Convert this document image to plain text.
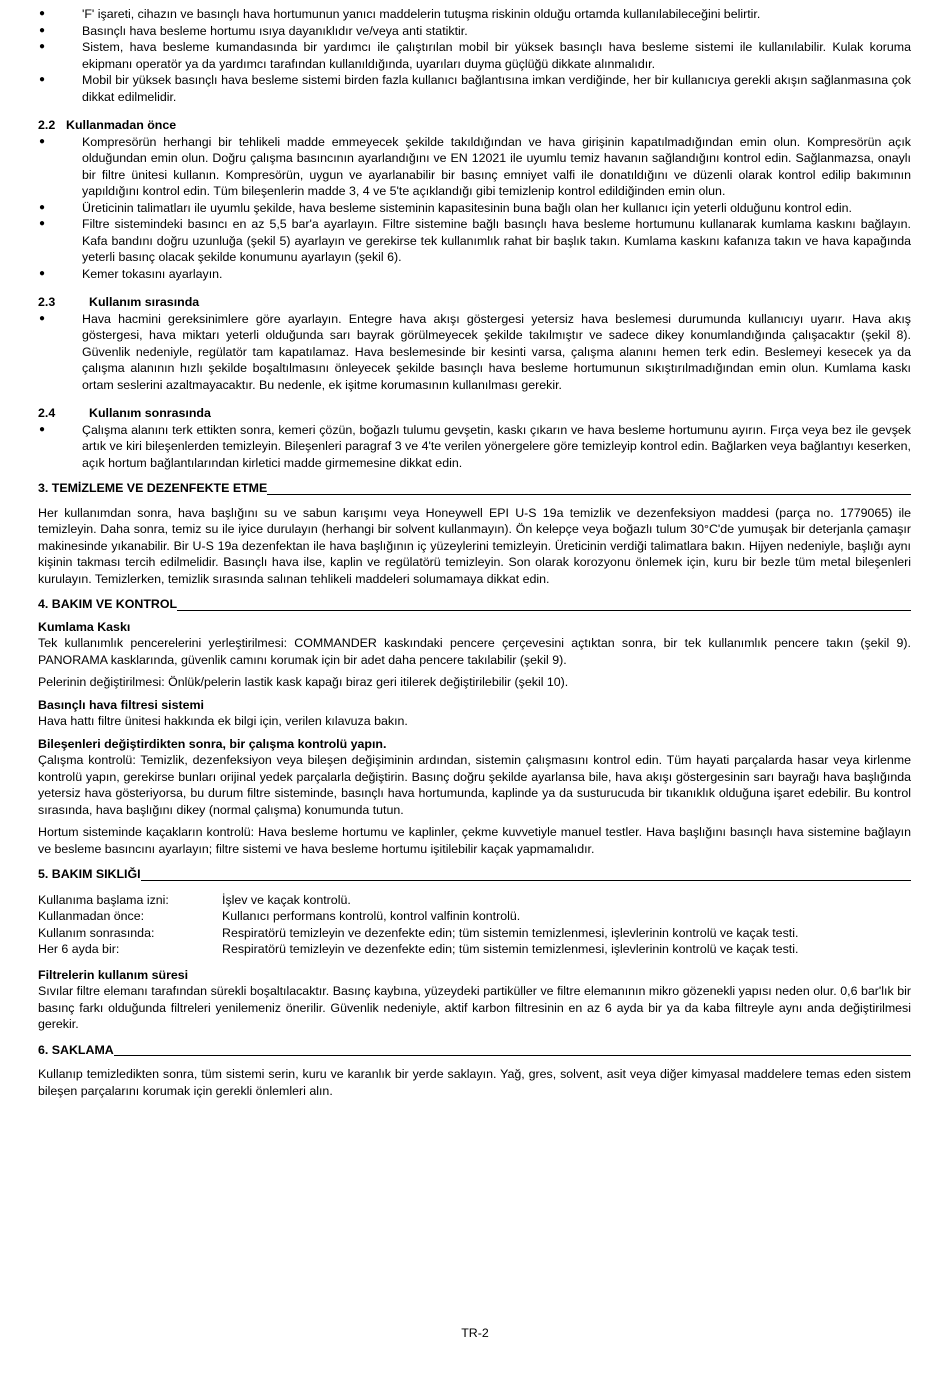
●	'F' işareti, cihazın ve basınçlı hava hortumunun yanıcı maddelerin tutuşma riskinin olduğu ortamda kullanılabileceğini belirtir.
●	Basınçlı hava besleme hortumu ısıya dayanıklıdır ve/veya anti statiktir.
●	Sistem, hava besleme kumandasında bir yardımcı ile çalıştırılan mobil bir yüksek basınçlı hava besleme sistemi ile kullanılabilir. Kulak koruma ekipmanı operatör ya da yardımcı tarafından kullanıldığında, uyarıları duyma güçlüğü dikkate alınmalıdır.
●	Mobil bir yüksek basınçlı hava besleme sistemi birden fazla kullanıcı bağlantısına imkan verdiğinde, her bir kullanıcıya gerekli akışın sağlanmasına çok dikkat edilmelidir.
2.2 Kullanmadan önce
●	Kompresörün herhangi bir tehlikeli madde emmeyecek şekilde takıldığından ve hava girişinin kapatılmadığından emin olun. Kompresörün açık olduğundan emin olun. Doğru çalışma basıncının ayarlandığını ve EN 12021 ile uyumlu temiz havanın sağlandığını kontrol edin. Sağlanmazsa, onaylı bir filtre ünitesi kullanın. Kompresörün, uygun ve ayarlanabilir bir basınç emniyet valfi ile donatıldığını ve düzenli olarak kontrol edilip bakımının yapıldığını kontrol edin. Tüm bileşenlerin madde 3, 4 ve 5'te açıklandığı gibi temizlenip kontrol edildiğinden emin olun.
●	Üreticinin talimatları ile uyumlu şekilde, hava besleme sisteminin kapasitesinin buna bağlı olan her kullanıcı için yeterli olduğunu kontrol edin.
●	Filtre sistemindeki basıncı en az 5,5 bar'a ayarlayın. Filtre sistemine bağlı basınçlı hava besleme hortumunu kullanarak kumlama kaskını bağlayın. Kafa bandını doğru uzunluğa (şekil 5) ayarlayın ve gerekirse tek kullanımlık rahat bir başlık takın. Kumlama kaskını kafanıza takın ve hava kapağında yeterli basınç olacak şekilde konumunu ayarlayın (şekil 6).
●	Kemer tokasını ayarlayın.
2.3	Kullanım sırasında
●	Hava hacmini gereksinimlere göre ayarlayın. Entegre hava akışı göstergesi yetersiz hava beslemesi durumunda kullanıcıyı uyarır. Hava akış göstergesi, hava miktarı yeterli olduğunda sarı bayrak görülmeyecek şekilde takılmıştır ve sadece dikey konumlandığında çalışacaktır (şekil 8). Güvenlik nedeniyle, regülatör tam kapatılamaz. Hava beslemesinde bir kesinti varsa, çalışma alanını hemen terk edin. Beslemeyi kesecek ya da çalışma alanının hızlı şekilde boşaltılmasını önleyecek şekilde basınçlı hava besleme hortumunun sıkıştırılmadığından emin olun. Kumlama kaskı ortam seslerini azaltmayacaktır. Bu nedenle, ek işitme korumasının kullanılması gerekir.
2.4	Kullanım sonrasında
●	Çalışma alanını terk ettikten sonra, kemeri çözün, boğazlı tulumu gevşetin, kaskı çıkarın ve hava besleme hortumunu ayırın. Fırça veya bez ile gevşek artık ve kiri bileşenlerden temizleyin. Bileşenleri paragraf 3 ve 4'te verilen yönergelere göre temizleyip kontrol edin. Bağlarken veya bağlantıyı keserken, açık hortum bağlantılarından kirletici madde girmemesine dikkat edin.
3. TEMİZLEME VE DEZENFEKTE ETME
Her kullanımdan sonra, hava başlığını su ve sabun karışımı veya Honeywell EPI U-S 19a temizlik ve dezenfeksiyon maddesi (parça no. 1779065) ile temizleyin. Daha sonra, temiz su ile iyice durulayın (herhangi bir solvent kullanmayın). Ön kelepçe veya boğazlı tulum 30°C'de yumuşak bir deterjanla çamaşır makinesinde yıkanabilir. Bir U-S 19a dezenfektan ile hava başlığının iç yüzeylerini temizleyin. Üreticinin verdiği talimatlara bakın. Hijyen nedeniyle, başlığı aynı kişinin takması tercih edilmelidir. Basınçlı hava ilse, kaplin ve regülatörü temizleyin. Son olarak korozyonu önlemek için, kuru bir bezle tüm metal bileşenleri kurulayın. Temizlerken, temizlik sırasında salınan tehlikeli maddeleri solumamaya dikkat edin.
4. BAKIM VE KONTROL
Kumlama Kaskı
Tek kullanımlık pencerelerini yerleştirilmesi: COMMANDER kaskındaki pencere çerçevesini açtıktan sonra, bir tek kullanımlık pencere takın (şekil 9). PANORAMA kasklarında, güvenlik camını korumak için bir adet daha pencere takılabilir (şekil 9).
Pelerinin değiştirilmesi: Önlük/pelerin lastik kask kapağı biraz geri itilerek değiştirilebilir (şekil 10).
Basınçlı hava filtresi sistemi
Hava hattı filtre ünitesi hakkında ek bilgi için, verilen kılavuza bakın.
Bileşenleri değiştirdikten sonra, bir çalışma kontrolü yapın.
Çalışma kontrolü: Temizlik, dezenfeksiyon veya bileşen değişiminin ardından, sistemin çalışmasını kontrol edin. Tüm hayati parçalarda hasar veya kirlenme kontrolü yapın, gerekirse bunları orijinal yedek parçalarla değiştirin. Basınç doğru şekilde ayarlansa bile, hava akışı göstergesinin sarı bayrağı hava başlığında yetersiz hava gösteriyorsa, bu durum filtre sisteminde, basınçlı hava hortumunda, kaplinde ya da susturucuda bir tıkanıklık olduğuna işaret edebilir. Bu kontrol sırasında, hava başlığını dikey (normal çalışma) konumunda tutun.
Hortum sisteminde kaçakların kontrolü: Hava besleme hortumu ve kaplinler, çekme kuvvetiyle manuel testler. Hava başlığını basınçlı hava sistemine bağlayın ve besleme basıncını ayarlayın; filtre sistemi ve hava besleme hortumu işitilebilir kaçak yapmamalıdır.
5. BAKIM SIKLIĞI
Kullanıma başlama izni:	İşlev ve kaçak kontrolü.
Kullanmadan önce:	Kullanıcı performans kontrolü, kontrol valfinin kontrolü.
Kullanım sonrasında:	Respiratörü temizleyin ve dezenfekte edin; tüm sistemin temizlenmesi, işlevlerinin kontrolü ve kaçak testi.
Her 6 ayda bir:	Respiratörü temizleyin ve dezenfekte edin; tüm sistemin temizlenmesi, işlevlerinin kontrolü ve kaçak testi.
Filtrelerin kullanım süresi
Sıvılar filtre elemanı tarafından sürekli boşaltılacaktır. Basınç kaybına, yüzeydeki partiküller ve filtre elemanının mikro gözenekli yapısı neden olur. 0,6 bar'lık bir basınç farkı olduğunda filtreleri yenilemeniz önerilir. Güvenlik nedeniyle, aktif karbon filtresinin en az 6 ayda bir ya da kaba filtreyle aynı anda değiştirilmesi gerekir.
6. SAKLAMA
Kullanıp temizledikten sonra, tüm sistemi serin, kuru ve karanlık bir yerde saklayın. Yağ, gres, solvent, asit veya diğer kimyasal maddelere temas eden sistem bileşen parçalarını korumak için gerekli önlemleri alın.
TR-2
